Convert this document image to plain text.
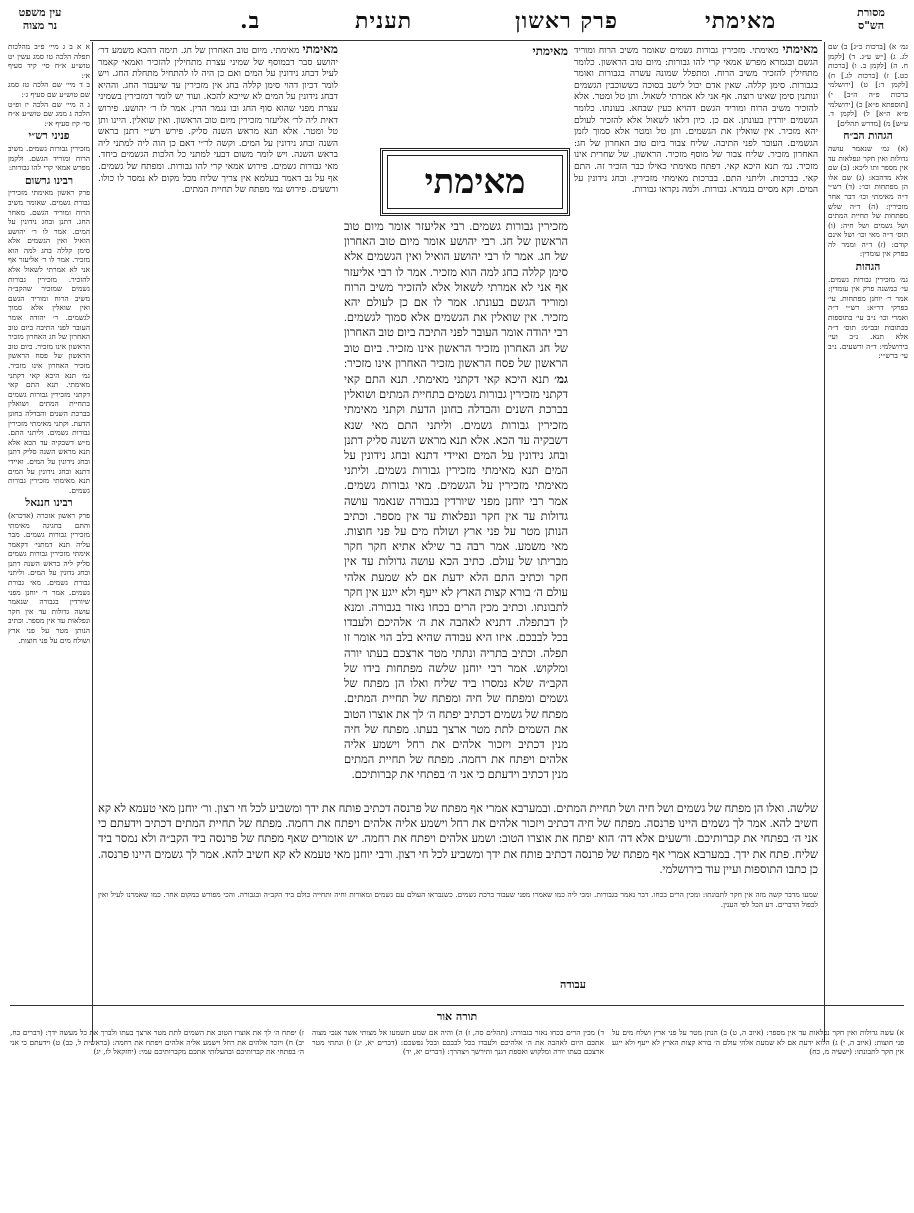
עין משפט
נר מצוה	ב.	תענית	פרק ראשון	מאימתי	מסורת
הש"ס
א א ב ג מיי׳ פ״ב מהלכות תפלה הלכה טו סמג עשין יט טוש״ע א״ח סי׳ קיד סעיף א׳:
ב ד מיי׳ שם הלכה טז סמג שם טוש״ע שם סעיף ג׳:
ג ה מיי׳ שם הלכה יז ופ״ט הלכה ג ממג שם טוש״ע א״ח סי׳ קיז סעיף א׳:
פניני רש״י
מזכירין גבורות גשמים. משיב הרוח ומוריד הגשם. ולקמן מפרש אמאי קרי להו גבורות:
רבינו גרשום
פרק ראשון מאימתי מזכירין גבורת גשמים. שאומר משיב הרוח ומוריד הגשם. מאחר החג. דתנן ובחג נידונין על המים. אמר לו ר׳ יהושע הואיל ואין הגשמים אלא סימן קללה בחג למה הוא מזכיר. אמר לו ר׳ אליעזר אף אני לא אמרתי לשאול אלא להזכיר. מזכירין גבורות גשמים שמזכיר שהקב״ה משיב הרוח ומוריד הגשם ואין שואלין אלא סמוך לגשמים. ר׳ יהודה אומר העובר לפני התיבה ביום טוב האחרון של חג האחרון מזכיר הראשון אינו מזכיר. ביום טוב הראשון של פסח הראשון מזכיר האחרון אינו מזכיר. גמ׳ תנא היכא קאי דקתני מאימתי. תנא התם קאי דקתני מזכירין גבורות גשמים בתחיית המתים ושואלין בברכת השנים והבדלה בחונן הדעת. וקתני מאימתי מזכירין גבורות גשמים. וליתני התם. מ״ש דשבקיה עד הכא אלא תנא מראש השנה סליק דתנן ובחג נידונין על המים. ואיידי דתנא ובחג נידונין על המים תנא מאימתי מזכירין גבורות גשמים.
רבינו חננאל
פרק ראשון אזכרה (אדכרא) והתם בחגיגה מאימתי מזכירין גבורות גשמים. מבר עליה תנא דמתני׳ דקאמר אימתי מזכירין גבורות גשמים סליק ליה בראש השנה דתנן ובחג נדונין על המים. וליתני גבורת גשמים. מאי גבורת גשמים. אמר ר׳ יוחנן מפני שיורדין בגבורה שנאמר עושה גדולות עד אין חקר ונפלאות עד אין מספר. וכתיב הנותן מטר על פני ארץ ושולח מים על פני חוצות.
גמ׳ א) [ברכות כ״ג] ב) שם לג. ג) [״ש ע״ג. ד) [לקמן ח. ה) [לקמן ב. ו) [ברכות כט.] ז) [ברכות לג.] ח) [לקמן ד:] ט) [ירושלמי ברכות פ״ה ה״ב] י) [תוספתא פ״א] כ) [ירושלמי פ״א ה״א] ל) [לקמן ד. ע״ש] מ) [מדרש תהלים]
הגהות הב״ח
(א) גמ׳ שנאמר עושה גדולות ואין חקר ונפלאות עד אין מספר ותו ליכא: (ב) שם אלא מדהכא: (ג) שם אלו הן מפתחות וכו׳: (ד) רש״י ד״ה מאימתי וכו׳ דבר אחר מזכירין: (ה) ד״ה שלש מפתחות של תחיית המתים ושל גשמים ושל חיה: (ו) תוס׳ ד״ה מאי וכו׳ ושל אינם קודם: (ז) ד״ה וממר לה בפרק אין עומדין:
הגהות
גמ׳ מזכירין גבורות גשמים. עי׳ במשנה פרק אין עומדין: אמר ר׳ יוחנן מפתחות. עי׳ בפרקי דר״א: רש״י ד״ה ואמרי וכו׳ נ״ב עי׳ בתוספות בכתובות ובב״מ: תוס׳ ד״ה אלא תנא. נ״ב ועי׳ בירושלמי: ד״ה ורשעים. נ״ב עי׳ ברש״י:
מאימתי מאימתי. מזכירין גבורות גשמים שאומר משיב הרוח ומוריד הגשם ובגמרא מפרש אמאי קרי להו גבורות: מיום טוב הראשון. כלומר מתחילין להזכיר משיב הרוח. ומתפלל שמונה עשרה בגבורות ואומר בגבורות. סימן קללה. שאין אדם יכול לישב בסוכה כששוכבין הגשמים ונותנין סימן שאינו רוצה. אף אני לא אמרתי לשאול. ותן טל ומטר. אלא להזכיר משיב הרוח ומוריד הגשם דהויא כעין שבחא. בעונתו. כלומר הגשמים יורדין בעונתן. אם כן. כיון דלאו לשאול אלא להזכיר לעולם יהא מזכיר. אין שואלין את הגשמים. ותן טל ומטר אלא סמוך לזמן הגשמים. העובר לפני התיבה. שליח צבור ביום טוב האחרון של חג: האחרון מזכיר. שליח צבור של מוסף מזכיר. הראשון. של שחרית אינו מזכיר. גמ׳ תנא היכא קאי. דפתח מאימתי כאילו כבר הזכיר זה. התם קאי. בברכות. וליתני התם. בברכות מאימתי מזכירין. ובחג נידונין על המים. וקא מסיים בגמרא. גבורות. ולמה נקראו גבורות.
מאימתי מאימתי. מיום טוב האחרון של חג. תימה דהכא משמע דר׳ יהושע סבר דבמוסף של שמיני עצרת מתחילין להזכיר ואמאי קאמר לעיל דבחג נידונין על המים ואם כן היה לו להתחיל מתחלת החג. ויש לומר דכיון דהוי סימן קללה בחג אין מזכירין עד שיעבור החג. וההיא דבחג נידונין על המים לא שייכא להכא. ועוד יש לומר דמזכירין בשמיני עצרת מפני שהוא סוף החג ובו נגמר הדין. אמר לו ר׳ יהושע. פירוש דאית ליה לר׳ אליעזר מזכירין מיום טוב הראשון. ואין שואלין. היינו ותן טל ומטר. אלא תנא מראש השנה סליק. פירש רש״י דתנן בראש השנה ובחג נידונין על המים. וקשה לר״י דאם כן הוה ליה למתני ליה בראש השנה. ויש לומר משום דבעי למתני כל הלכות הגשמים ביחד. מאי גבורות גשמים. פירוש אמאי קרי להו גבורות. ומפתח של גשמים. אף על גב דאמר בעלמא אין צריך שליח מכל מקום לא נמסר לו כולו. ורשעים. פירוש נמי מפתח של תחיית המתים.	מאימתי
מאימתי
מזכירין גבורות גשמים. רבי אליעזר אומר מיום טוב הראשון של חג. רבי יהושע אומר מיום טוב האחרון של חג. אמר לו רבי יהושע הואיל ואין הגשמים אלא סימן קללה בחג למה הוא מזכיר. אמר לו רבי אליעזר אף אני לא אמרתי לשאול אלא להזכיר משיב הרוח ומוריד הגשם בעונתו. אמר לו אם כן לעולם יהא מזכיר. אין שואלין את הגשמים אלא סמוך לגשמים. רבי יהודה אומר העובר לפני התיבה ביום טוב האחרון של חג האחרון מזכיר הראשון אינו מזכיר. ביום טוב הראשון של פסח הראשון מזכיר האחרון אינו מזכיר: גמ׳ תנא היכא קאי דקתני מאימתי. תנא התם קאי דקתני מזכירין גבורות גשמים בתחיית המתים ושואלין בברכת השנים והבדלה בחונן הדעת וקתני מאימתי מזכירין גבורות גשמים. וליתני התם מאי שנא דשבקיה עד הכא. אלא תנא מראש השנה סליק דתנן ובחג נידונין על המים ואיידי דתנא ובחג נידונין על המים תנא מאימתי מזכירין גבורות גשמים. וליתני מאימתי מזכירין על הגשמים. מאי גבורות גשמים. אמר רבי יוחנן מפני שיורדין בגבורה שנאמר עושה גדולות עד אין חקר ונפלאות עד אין מספר. וכתיב הנותן מטר על פני ארץ ושולח מים על פני חוצות. מאי משמע. אמר רבה בר שילא אתיא חקר חקר מבריתו של עולם. כתיב הכא עושה גדולות עד אין חקר וכתיב התם הלא ידעת אם לא שמעת אלהי עולם ה׳ בורא קצות הארץ לא ייעף ולא ייגע אין חקר לתבונתו. וכתיב מכין הרים בכחו נאזר בגבורה. ומנא לן דבתפלה. דתניא לאהבה את ה׳ אלהיכם ולעבדו בכל לבבכם. איזו היא עבודה שהיא בלב הוי אומר זו תפלה. וכתיב בתריה ונתתי מטר ארצכם בעתו יורה ומלקוש. אמר רבי יוחנן שלשה מפתחות בידו של הקב״ה שלא נמסרו ביד שליח ואלו הן מפתח של גשמים ומפתח של חיה ומפתח של תחיית המתים. מפתח של גשמים דכתיב יפתח ה׳ לך את אוצרו הטוב את השמים לתת מטר ארצך בעתו. מפתח של חיה מנין דכתיב ויזכור אלהים את רחל וישמע אליה אלהים ויפתח את רחמה. מפתח של תחיית המתים מנין דכתיב וידעתם כי אני ה׳ בפתחי את קברותיכם.
שלשה. ואלו הן מפתח של גשמים ושל חיה ושל תחיית המתים. ובמערבא אמרי אף מפתח של פרנסה דכתיב פותח את ידך ומשביע לכל חי רצון. ור׳ יוחנן מאי טעמא לא קא חשיב להא. אמר לך גשמים היינו פרנסה. מפתח של חיה דכתיב ויזכור אלהים את רחל וישמע אליה אלהים ויפתח את רחמה. מפתח של תחיית המתים דכתיב וידעתם כי אני ה׳ בפתחי את קברותיכם. ורשעים אלא דה׳ הוא יפתח את אוצרו הטוב: ושמע אלהים ויפתח את רחמה. יש אומרים שאף מפתח של פרנסה ביד הקב״ה ולא נמסר ביד שליח. פתח את ידך. במערבא אמרי אף מפתח של פרנסה דכתיב פותח את ידך ומשביע לכל חי רצון. ורבי יוחנן מאי טעמא לא קא חשיב להא. אמר לך גשמים היינו פרנסה. כן כתבו התוספות ועיין עוד בירושלמי.
שמעו מדבר קשה מזה אין חקר לתבונתו: ומכין הרים בכחו. דבר נאמר בגבורות. ומכי ליה כמו שאמרו מפני שעבוד ברכת גשמים. כשנבראו העולם עם גשמים ומאורות וחיה ותחייה כולם ביד הקב״ה ובגבורה. והכי מפורש במקום אחר. כמו שאמרנו לעיל ואין לכפול הדברים. דע הכל לפי הענין.
עבודה
תורה אור
א) עשה גדולות ואין חקר נפלאות עד אין מספר: (איוב ה, ט) ב) הנתן מטר על פני ארץ ושלח מים על פני חוצות: (איוב ה, י) ג) הלוא ידעת אם לא שמעת אלהי עולם ה׳ בורא קצות הארץ לא ייעף ולא ייגע אין חקר לתבונתו: (ישעיה מ, כח)
ד) מכין הרים בכחו נאזר בגבורה: (תהלים סה, ז) ה) והיה אם שמע תשמעו אל מצותי אשר אנכי מצוה אתכם היום לאהבה את ה׳ אלהיכם ולעבדו בכל לבבכם ובכל נפשכם: (דברים יא, יג) ו) ונתתי מטר ארצכם בעתו יורה ומלקוש ואספת דגנך ותירשך ויצהרך: (דברים יא, יד)
ז) יפתח ה׳ לך את אוצרו הטוב את השמים לתת מטר ארצך בעתו ולברך את כל מעשה ידך: (דברים כח, יב) ח) ויזכר אלהים את רחל וישמע אליה אלהים ויפתח את רחמה: (בראשית ל, כב) ט) וידעתם כי אני ה׳ בפתחי את קברותיכם ובהעלותי אתכם מקברותיכם עמי: (יחזקאל לז, יג)
